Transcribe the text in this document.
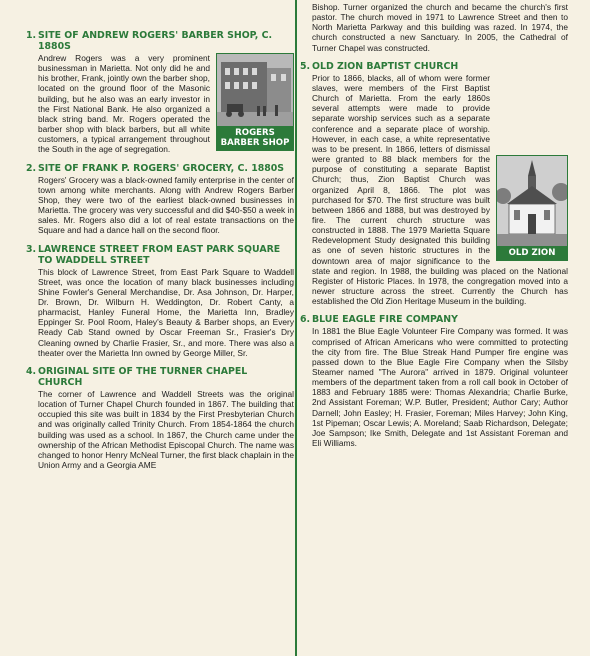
1. SITE OF ANDREW ROGERS' BARBER SHOP, C. 1880S
ROGERS BARBER SHOP

Andrew Rogers was a very prominent businessman in Marietta. Not only did he and his brother, Frank, jointly own the barber shop, located on the ground floor of the Masonic building, but he also was an early investor in the First National Bank. He also organized a black string band. Mr. Rogers operated the barber shop with black barbers, but all white customers, a typical arrangement throughout the South in the age of segregation.

2. SITE OF FRANK P. ROGERS' GROCERY, C. 1880S

Rogers' Grocery was a black-owned family enterprise in the center of town among white merchants. Along with Andrew Rogers Barber Shop, they were two of the earliest black-owned businesses in Marietta. The grocery was very successful and did $40-$50 a week in sales. Mr. Rogers also did a lot of real estate transactions on the Square and had a dance hall on the second floor.

3. LAWRENCE STREET FROM EAST PARK SQUARE TO WADDELL STREET

This block of Lawrence Street, from East Park Square to Waddell Street, was once the location of many black businesses including Shine Fowler's General Merchandise, Dr. Asa Johnson, Dr. Harper, Dr. Brown, Dr. Wilburn H. Weddington, Dr. Robert Canty, a pharmacist, Hanley Funeral Home, the Marietta Inn, Bradley Eppinger Sr. Pool Room, Haley's Beauty & Barber shops, an Every Ready Cab Stand owned by Oscar Freeman Sr., Frasier's Dry Cleaning owned by Charlie Frasier, Sr., and more. There was also a theater over the Marietta Inn owned by George Miller, Sr.

4. ORIGINAL SITE OF THE TURNER CHAPEL CHURCH

The corner of Lawrence and Waddell Streets was the original location of Turner Chapel Church founded in 1867. The building that occupied this site was built in 1834 by the First Presbyterian Church and was originally called Trinity Church. From 1854-1864 the church building was used as a school. In 1867, the Church came under the ownership of the African Methodist Episcopal Church. The name was changed to honor Henry McNeal Turner, the first black chaplain in the Union Army and a Georgia AME

Bishop. Turner organized the church and became the church's first pastor. The church moved in 1971 to Lawrence Street and then to North Marietta Parkway and this building was razed. In 1974, the church constructed a new Sanctuary. In 2005, the Cathedral of Turner Chapel was constructed.

5. OLD ZION BAPTIST CHURCH
OLD ZION

Prior to 1866, blacks, all of whom were former slaves, were members of the First Baptist Church of Marietta. From the early 1860s several attempts were made to provide separate worship services such as a separate conference and a separate place of worship. However, in each case, a white representative was to be present. In 1866, letters of dismissal were granted to 88 black members for the purpose of constituting a separate Baptist Church; thus, Zion Baptist Church was organized April 8, 1866. The plot was purchased for $70. The first structure was built between 1866 and 1888, but was destroyed by fire. The current church structure was constructed in 1888. The 1979 Marietta Square Redevelopment Study designated this building as one of seven historic structures in the downtown area of major significance to the state and region. In 1988, the building was placed on the National Register of Historic Places. In 1978, the congregation moved into a newer structure across the street. Currently the Church has established the Old Zion Heritage Museum in the building.

6. BLUE EAGLE FIRE COMPANY

In 1881 the Blue Eagle Volunteer Fire Company was formed. It was comprised of African Americans who were committed to protecting the city from fire. The Blue Streak Hand Pumper fire engine was passed down to the Blue Eagle Fire Company when the Silsby Steamer named "The Aurora" arrived in 1879. Original volunteer members of the department taken from a roll call book in October of 1883 and February 1885 were: Thomas Alexandria; Charlie Burke, 2nd Assistant Foreman; W.P. Butler, President; Author Cary; Author Darnell; John Easley; H. Frasier, Foreman; Miles Harvey; John King, 1st Pipeman; Oscar Lewis; A. Moreland; Saab Richardson, Delegate; Joe Sampson; Ike Smith, Delegate and 1st Assistant Foreman and Eli Williams.
